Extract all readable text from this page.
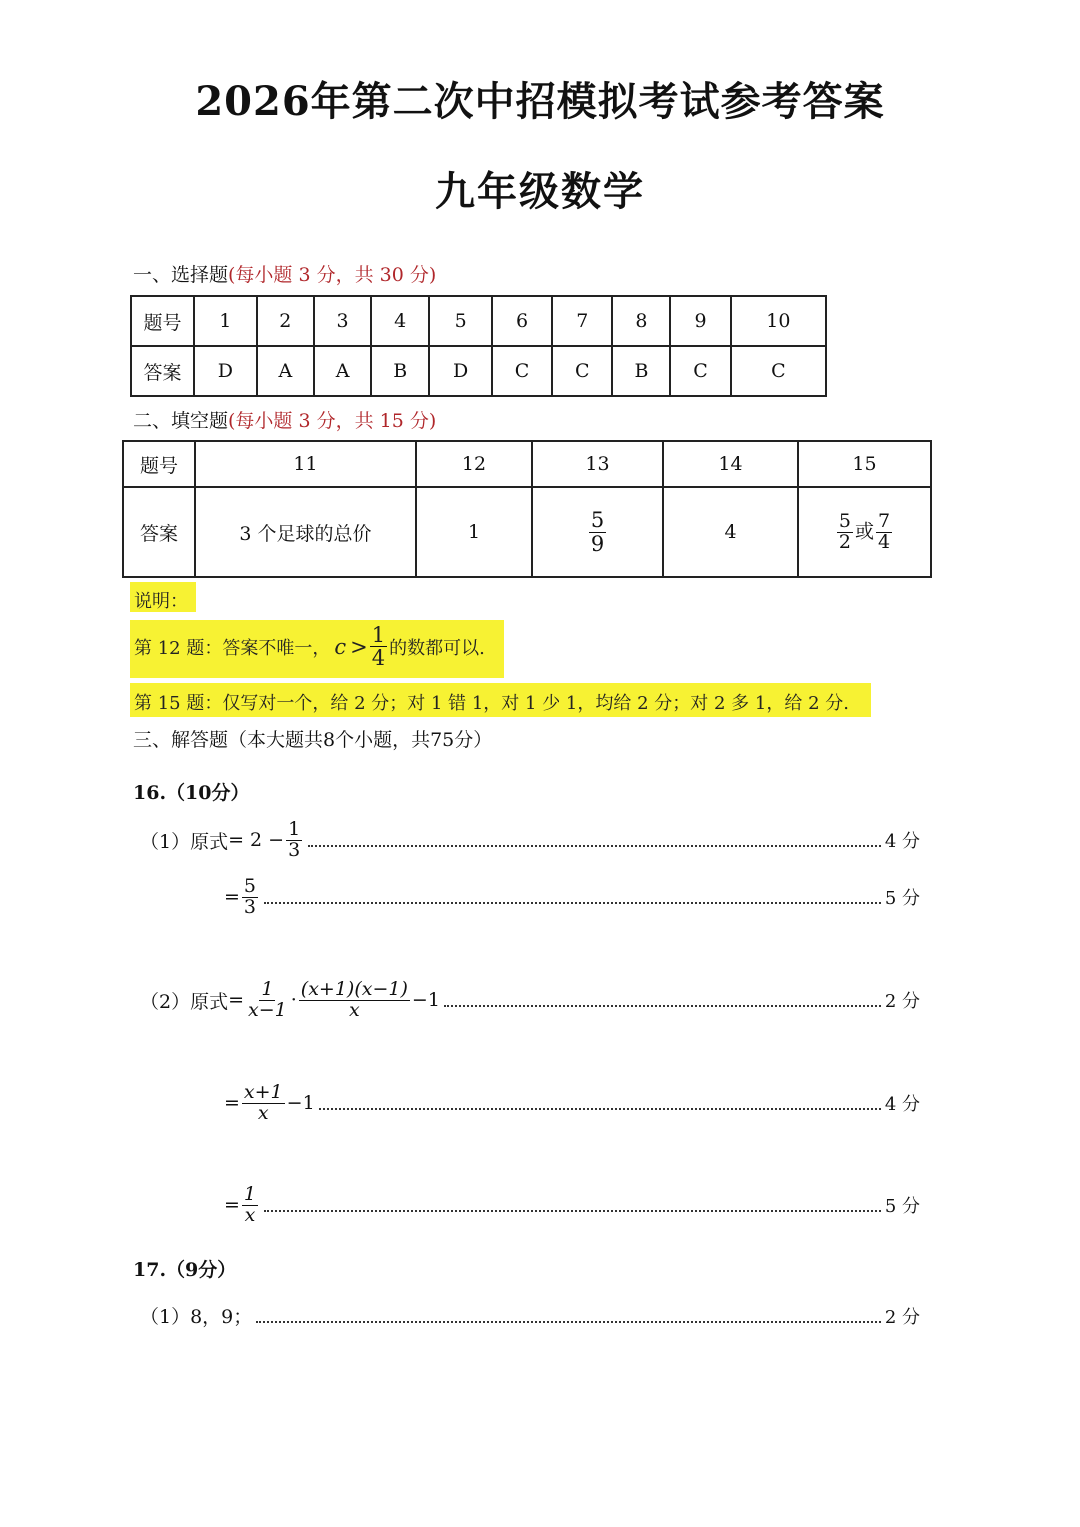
2026年第二次中招模拟考试参考答案
九年级数学
一、选择题(每小题 3 分，共 30 分)
题号	1	2	3	4	5	6	7	8	9	10
答案	D	A	A	B	D	C	C	B	C	C
二、填空题(每小题 3 分，共 15 分)
题号	11	12	13	14	15
答案	3 个足球的总价	1	$\frac{5}{9}$	4	$\frac{5}{2}$ 或 $\frac{7}{4}$
说明：
第 12 题：答案不唯一， $c > \frac{1}{4}$ 的数都可以.
第 15 题：仅写对一个，给 2 分；对 1 错 1，对 1 少 1，均给 2 分；对 2 多 1，给 2 分.
三、解答题（本大题共8个小题，共75分）
16.（10分）
（1）原式 = $2 - \frac{1}{3}$	4 分
= $\frac{5}{3}$	5 分
（2）原式 = $\frac{1}{x-1} \cdot \frac{(x+1)(x-1)}{x} -1$	2 分
= $\frac{x+1}{x} -1$	4 分
= $\frac{1}{x}$	5 分
17.（9分）
（1）8，9；	2 分
